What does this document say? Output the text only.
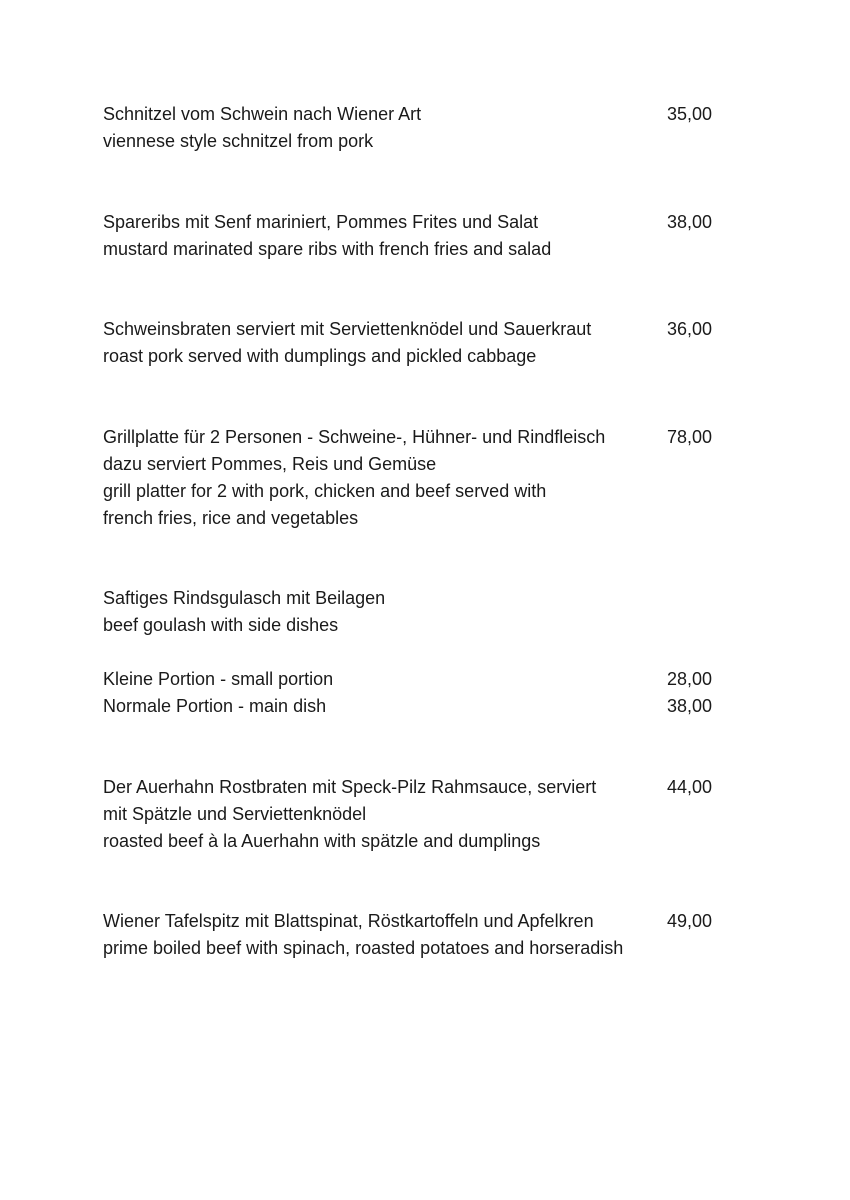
Schnitzel vom Schwein nach Wiener Art
viennese style schnitzel from pork
35,00
Spareribs mit Senf mariniert, Pommes Frites und Salat
mustard marinated spare ribs with french fries and salad
38,00
Schweinsbraten serviert mit Serviettenknödel und Sauerkraut
roast pork served with dumplings and pickled cabbage
36,00
Grillplatte für 2 Personen - Schweine-, Hühner- und Rindfleisch
dazu serviert Pommes, Reis und Gemüse
grill platter for 2 with pork, chicken and beef served with
french fries, rice and vegetables
78,00
Saftiges Rindsgulasch mit Beilagen
beef goulash with side dishes
Kleine Portion - small portion	28,00
Normale Portion - main dish	38,00
Der Auerhahn Rostbraten mit Speck-Pilz Rahmsauce, serviert
mit Spätzle und Serviettenknödel
roasted beef à la Auerhahn with spätzle and dumplings
44,00
Wiener Tafelspitz mit Blattspinat, Röstkartoffeln und Apfelkren
prime boiled beef with spinach, roasted potatoes and horseradish
49,00
